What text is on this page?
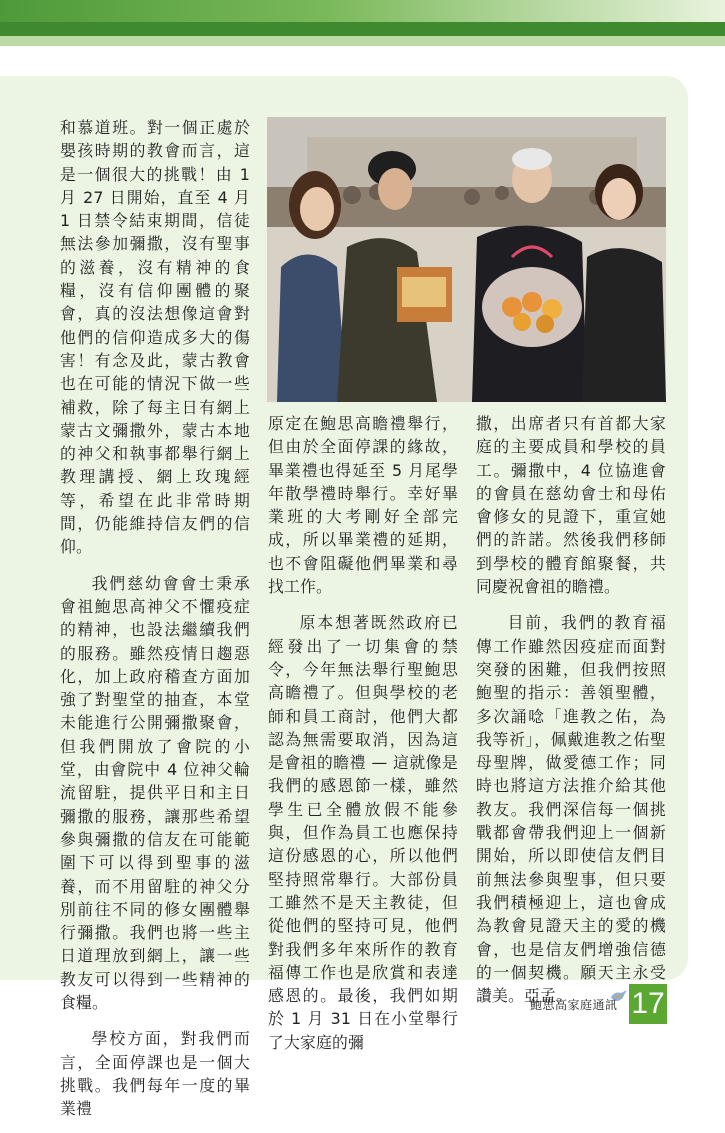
和慕道班。對一個正處於嬰孩時期的教會而言，這是一個很大的挑戰！由 1 月 27 日開始，直至 4 月 1 日禁令結束期間，信徒無法參加彌撒，沒有聖事的滋養，沒有精神的食糧，沒有信仰團體的聚會，真的沒法想像這會對他們的信仰造成多大的傷害！有念及此，蒙古教會也在可能的情況下做一些補救，除了每主日有網上蒙古文彌撒外，蒙古本地的神父和執事都舉行網上教理講授、網上玫瑰經等，希望在此非常時期間，仍能維持信友們的信仰。

我們慈幼會會士秉承會祖鮑思高神父不懼疫症的精神，也設法繼續我們的服務。雖然疫情日趨惡化，加上政府稽查方面加強了對聖堂的抽查，本堂未能進行公開彌撒聚會，但我們開放了會院的小堂，由會院中 4 位神父輪流留駐，提供平日和主日彌撒的服務，讓那些希望參與彌撒的信友在可能範圍下可以得到聖事的滋養，而不用留駐的神父分別前往不同的修女團體舉行彌撒。我們也將一些主日道理放到網上，讓一些教友可以得到一些精神的食糧。

學校方面，對我們而言，全面停課也是一個大挑戰。我們每年一度的畢業禮

原定在鮑思高瞻禮舉行，但由於全面停課的緣故，畢業禮也得延至 5 月尾學年散學禮時舉行。幸好畢業班的大考剛好全部完成，所以畢業禮的延期，也不會阻礙他們畢業和尋找工作。

原本想著既然政府已經發出了一切集會的禁令，今年無法舉行聖鮑思高瞻禮了。但與學校的老師和員工商討，他們大都認為無需要取消，因為這是會祖的瞻禮 — 這就像是我們的感恩節一樣，雖然學生已全體放假不能參與，但作為員工也應保持這份感恩的心，所以他們堅持照常舉行。大部份員工雖然不是天主教徒，但從他們的堅持可見，他們對我們多年來所作的教育福傳工作也是欣賞和表達感恩的。最後，我們如期於 1 月 31 日在小堂舉行了大家庭的彌

撒，出席者只有首都大家庭的主要成員和學校的員工。彌撒中，4 位協進會的會員在慈幼會士和母佑會修女的見證下，重宣她們的許諾。然後我們移師到學校的體育館聚餐，共同慶祝會祖的瞻禮。

目前，我們的教育福傳工作雖然因疫症而面對突發的困難，但我們按照鮑聖的指示：善領聖體，多次誦唸「進教之佑，為我等祈」，佩戴進教之佑聖母聖牌，做愛德工作；同時也將這方法推介給其他教友。我們深信每一個挑戰都會帶我們迎上一個新開始，所以即使信友們目前無法參與聖事，但只要我們積極迎上，這也會成為教會見證天主的愛的機會，也是信友們增強信德的一個契機。願天主永受讚美。亞孟。

鮑思高家庭通訊 17
